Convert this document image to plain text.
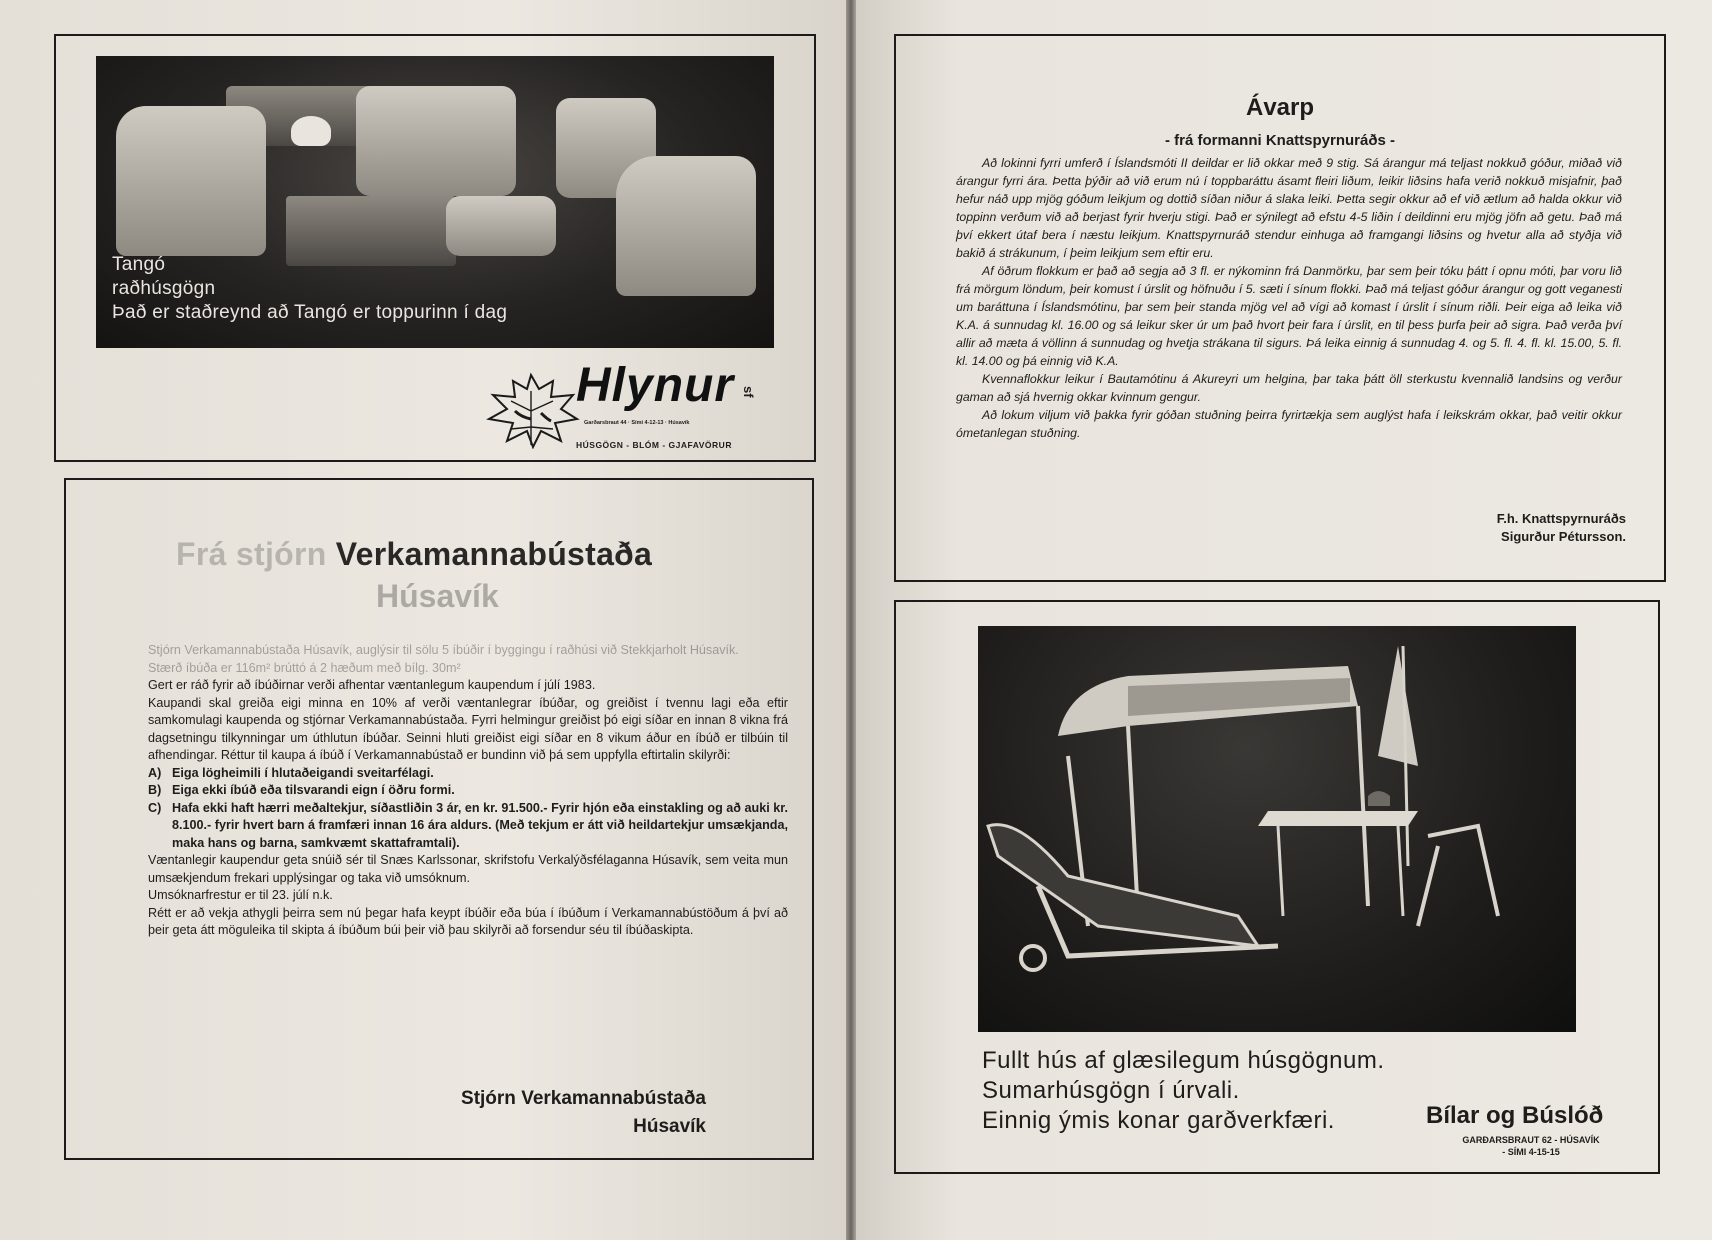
Tangó
raðhúsgögn
Það er staðreynd að Tangó er toppurinn í dag
Hlynur sf
Garðarsbraut 44 · Sími 4-12-13 · Húsavík
HÚSGÖGN - BLÓM - GJAFAVÖRUR
Frá stjórn Verkamannabústaða
Húsavík

Stjórn Verkamannabústaða Húsavík, auglýsir til sölu 5 íbúðir í byggingu í raðhúsi við Stekkjarholt Húsavík.

Stærð íbúða er 116m² brúttó á 2 hæðum með bílg. 30m²

Gert er ráð fyrir að íbúðirnar verði afhentar væntanlegum kaupendum í júlí 1983.

Kaupandi skal greiða eigi minna en 10% af verði væntanlegrar íbúðar, og greiðist í tvennu lagi eða eftir samkomulagi kaupenda og stjórnar Verkamannabústaða. Fyrri helmingur greiðist þó eigi síðar en innan 8 vikna frá dagsetningu tilkynningar um úthlutun íbúðar. Seinni hluti greiðist eigi síðar en 8 vikum áður en íbúð er tilbúin til afhendingar. Réttur til kaupa á íbúð í Verkamannabústað er bundinn við þá sem uppfylla eftirtalin skilyrði:

A) Eiga lögheimili í hlutaðeigandi sveitarfélagi.
B) Eiga ekki íbúð eða tilsvarandi eign í öðru formi.
C) Hafa ekki haft hærri meðaltekjur, síðastliðin 3 ár, en kr. 91.500.- Fyrir hjón eða einstakling og að auki kr. 8.100.- fyrir hvert barn á framfæri innan 16 ára aldurs. (Með tekjum er átt við heildartekjur umsækjanda, maka hans og barna, samkvæmt skattaframtali).

Væntanlegir kaupendur geta snúið sér til Snæs Karlssonar, skrifstofu Verkalýðsfélaganna Húsavík, sem veita mun umsækjendum frekari upplýsingar og taka við umsóknum.

Umsóknarfrestur er til 23. júlí n.k.

Rétt er að vekja athygli þeirra sem nú þegar hafa keypt íbúðir eða búa í íbúðum í Verkamannabústöðum á því að þeir geta átt möguleika til skipta á íbúðum búi þeir við þau skilyrði að forsendur séu til íbúðaskipta.

Stjórn Verkamannabústaða
Húsavík
Ávarp
- frá formanni Knattspyrnuráðs -

Að lokinni fyrri umferð í Íslandsmóti II deildar er lið okkar með 9 stig. Sá árangur má teljast nokkuð góður, miðað við árangur fyrri ára. Þetta þýðir að við erum nú í toppbaráttu ásamt fleiri liðum, leikir liðsins hafa verið nokkuð misjafnir, það hefur náð upp mjög góðum leikjum og dottið síðan niður á slaka leiki. Þetta segir okkur að ef við ætlum að halda okkur við toppinn verðum við að berjast fyrir hverju stigi. Það er sýnilegt að efstu 4-5 liðin í deildinni eru mjög jöfn að getu. Það má því ekkert útaf bera í næstu leikjum. Knattspyrnuráð stendur einhuga að framgangi liðsins og hvetur alla að styðja við bakið á strákunum, í þeim leikjum sem eftir eru.

Af öðrum flokkum er það að segja að 3 fl. er nýkominn frá Danmörku, þar sem þeir tóku þátt í opnu móti, þar voru lið frá mörgum löndum, þeir komust í úrslit og höfnuðu í 5. sæti í sínum flokki. Það má teljast góður árangur og gott veganesti um baráttuna í Íslandsmótinu, þar sem þeir standa mjög vel að vígi að komast í úrslit í sínum riðli. Þeir eiga að leika við K.A. á sunnudag kl. 16.00 og sá leikur sker úr um það hvort þeir fara í úrslit, en til þess þurfa þeir að sigra. Það verða því allir að mæta á völlinn á sunnudag og hvetja strákana til sigurs. Þá leika einnig á sunnudag 4. og 5. fl. 4. fl. kl. 15.00, 5. fl. kl. 14.00 og þá einnig við K.A.

Kvennaflokkur leikur í Bautamótinu á Akureyri um helgina, þar taka þátt öll sterkustu kvennalið landsins og verður gaman að sjá hvernig okkar kvinnum gengur.

Að lokum viljum við þakka fyrir góðan stuðning þeirra fyrirtækja sem auglýst hafa í leikskrám okkar, það veitir okkur ómetanlegan stuðning.

F.h. Knattspyrnuráðs
Sigurður Pétursson.
Fullt hús af glæsilegum húsgögnum.
Sumarhúsgögn í úrvali.
Einnig ýmis konar garðverkfæri.	Bílar og Búslóð
GARÐARSBRAUT 62 - HÚSAVÍK
- SÍMI 4-15-15
